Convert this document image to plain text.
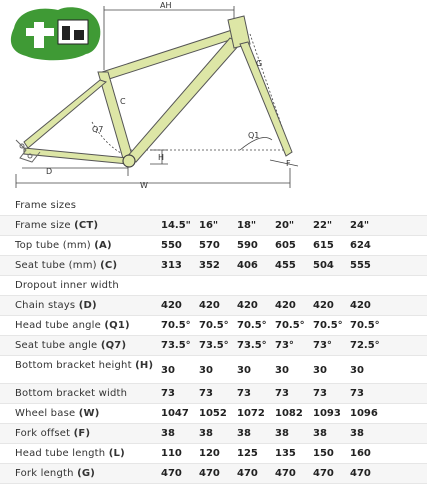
AH
G
C
Q1
Q7
D
W
H
F
Frame sizes
Frame size (CT)	14.5" 16" 18" 20" 22" 24"
Top tube (mm) (A)	550 570 590 605 615 624
Seat tube (mm) (C)	313 352 406 455 504 555
Dropout inner width
Chain stays (D)	420 420 420 420 420 420
Head tube angle (Q1)	70.5° 70.5° 70.5° 70.5° 70.5° 70.5°
Seat tube angle (Q7)	73.5° 73.5° 73.5° 73° 73° 72.5°
Bottom bracket height (H) 30 30 30 30 30 30
Bottom bracket width	73 73 73 73 73 73
Wheel base (W)	1047 1052 1072 1082 1093 1096
Fork offset (F)	38 38 38 38 38 38
Head tube length (L)	110 120 125 135 150 160
Fork length (G)	470 470 470 470 470 470
